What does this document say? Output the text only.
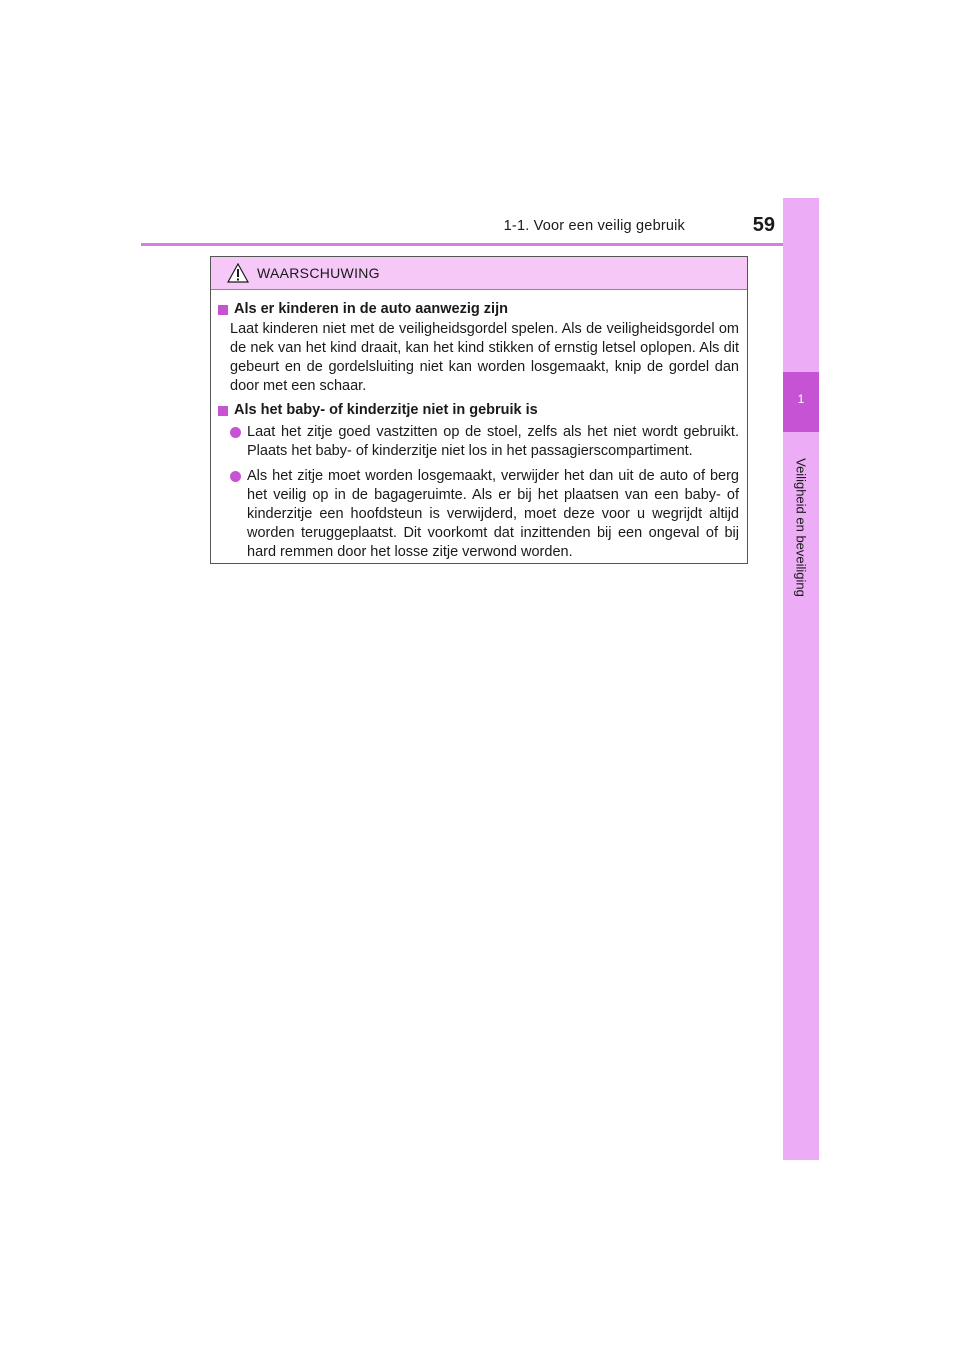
1-1. Voor een veilig gebruik	59
1
Veiligheid en beveiliging
WAARSCHUWING
Als er kinderen in de auto aanwezig zijn
Laat kinderen niet met de veiligheidsgordel spelen. Als de veiligheidsgordel om de nek van het kind draait, kan het kind stikken of ernstig letsel oplopen. Als dit gebeurt en de gordelsluiting niet kan worden losgemaakt, knip de gordel dan door met een schaar.
Als het baby- of kinderzitje niet in gebruik is
Laat het zitje goed vastzitten op de stoel, zelfs als het niet wordt gebruikt. Plaats het baby- of kinderzitje niet los in het passagierscompartiment.
Als het zitje moet worden losgemaakt, verwijder het dan uit de auto of berg het veilig op in de bagageruimte. Als er bij het plaatsen van een baby- of kinderzitje een hoofdsteun is verwijderd, moet deze voor u wegrijdt altijd worden teruggeplaatst. Dit voorkomt dat inzittenden bij een ongeval of bij hard remmen door het losse zitje verwond worden.
